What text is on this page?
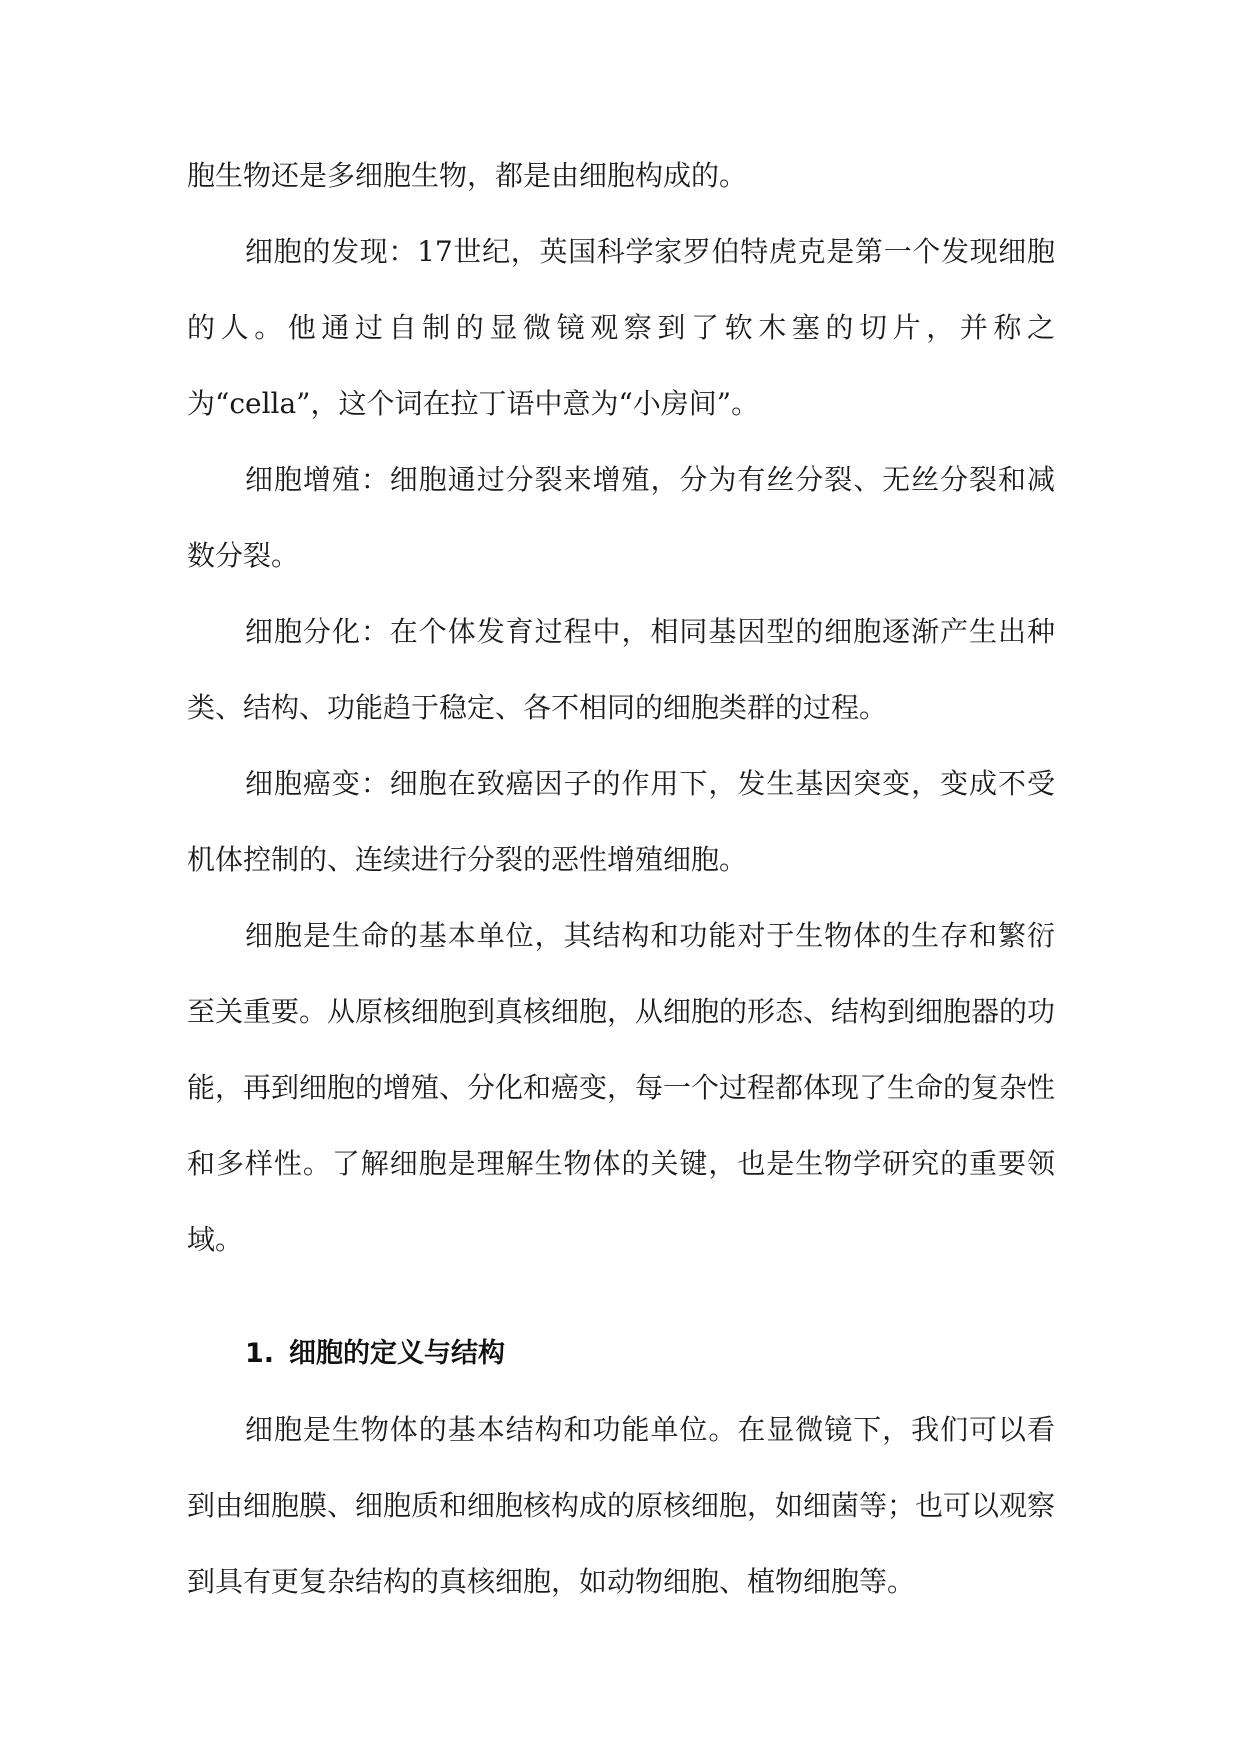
胞生物还是多细胞生物，都是由细胞构成的。

细胞的发现：17世纪，英国科学家罗伯特虎克是第一个发现细胞的人。他通过自制的显微镜观察到了软木塞的切片，并称之为“cella”，这个词在拉丁语中意为“小房间”。

细胞增殖：细胞通过分裂来增殖，分为有丝分裂、无丝分裂和减数分裂。

细胞分化：在个体发育过程中，相同基因型的细胞逐渐产生出种类、结构、功能趋于稳定、各不相同的细胞类群的过程。

细胞癌变：细胞在致癌因子的作用下，发生基因突变，变成不受机体控制的、连续进行分裂的恶性增殖细胞。

细胞是生命的基本单位，其结构和功能对于生物体的生存和繁衍至关重要。从原核细胞到真核细胞，从细胞的形态、结构到细胞器的功能，再到细胞的增殖、分化和癌变，每一个过程都体现了生命的复杂性和多样性。了解细胞是理解生物体的关键，也是生物学研究的重要领域。

1. 细胞的定义与结构

细胞是生物体的基本结构和功能单位。在显微镜下，我们可以看到由细胞膜、细胞质和细胞核构成的原核细胞，如细菌等；也可以观察到具有更复杂结构的真核细胞，如动物细胞、植物细胞等。
